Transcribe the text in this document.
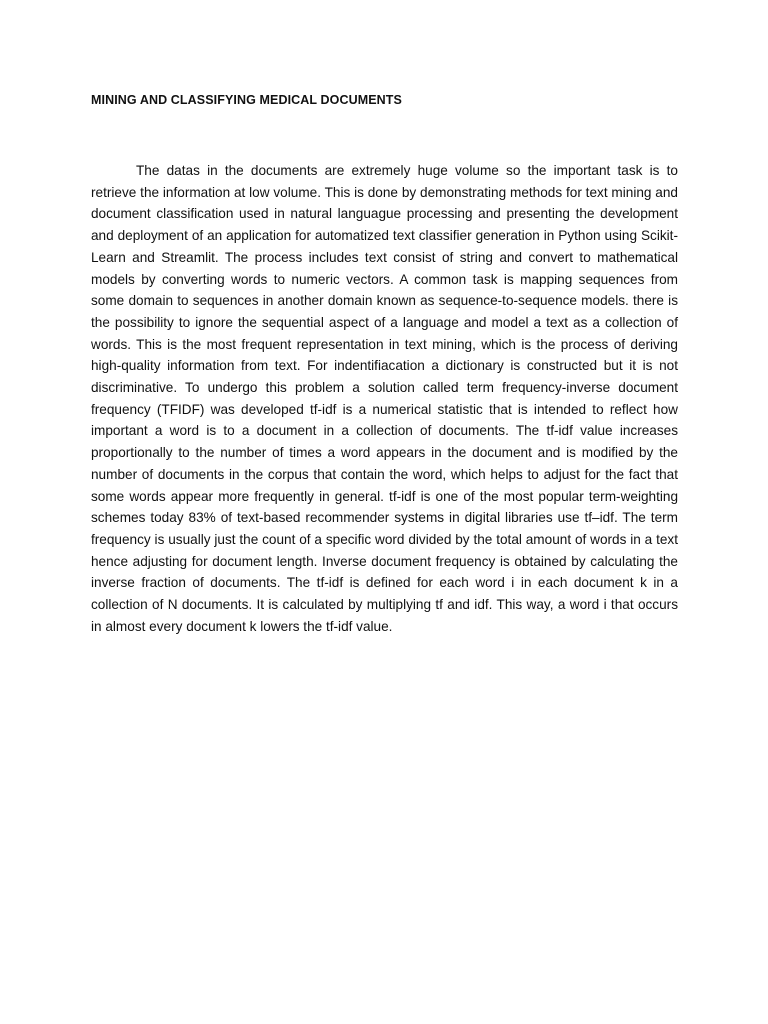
MINING AND CLASSIFYING MEDICAL DOCUMENTS

The datas in the documents are extremely huge volume so the important task is to retrieve the information at low volume. This is done by demonstrating methods for text mining and document classification used in natural languague processing and presenting the development and deployment of an application for automatized text classifier generation in Python using Scikit-Learn and Streamlit. The process includes text consist of string and convert to mathematical models by converting words to numeric vectors. A common task is mapping sequences from some domain to sequences in another domain known as sequence-to-sequence models. there is the possibility to ignore the sequential aspect of a language and model a text as a collection of words. This is the most frequent representation in text mining, which is the process of deriving high-quality information from text. For indentifiacation a dictionary is constructed but it is not discriminative. To undergo this problem a solution called term frequency-inverse document frequency (TFIDF) was developed tf-idf is a numerical statistic that is intended to reflect how important a word is to a document in a collection of documents. The tf-idf value increases proportionally to the number of times a word appears in the document and is modified by the number of documents in the corpus that contain the word, which helps to adjust for the fact that some words appear more frequently in general. tf-idf is one of the most popular term-weighting schemes today 83% of text-based recommender systems in digital libraries use tf–idf. The term frequency is usually just the count of a specific word divided by the total amount of words in a text hence adjusting for document length. Inverse document frequency is obtained by calculating the inverse fraction of documents. The tf-idf is defined for each word i in each document k in a collection of N documents. It is calculated by multiplying tf and idf. This way, a word i that occurs in almost every document k lowers the tf-idf value.
